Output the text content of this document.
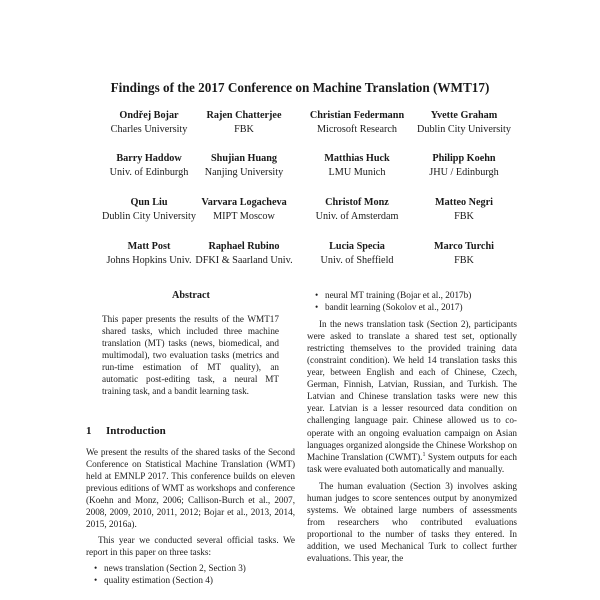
Findings of the 2017 Conference on Machine Translation (WMT17)
Ondřej Bojar
Charles University
Rajen Chatterjee
FBK
Christian Federmann
Microsoft Research
Yvette Graham
Dublin City University
Barry Haddow
Univ. of Edinburgh
Shujian Huang
Nanjing University
Matthias Huck
LMU Munich
Philipp Koehn
JHU / Edinburgh
Qun Liu
Dublin City University
Varvara Logacheva
MIPT Moscow
Christof Monz
Univ. of Amsterdam
Matteo Negri
FBK
Matt Post
Johns Hopkins Univ.
Raphael Rubino
DFKI & Saarland Univ.
Lucia Specia
Univ. of Sheffield
Marco Turchi
FBK
Abstract
This paper presents the results of the WMT17 shared tasks, which included three machine translation (MT) tasks (news, biomedical, and multimodal), two evaluation tasks (metrics and run-time estimation of MT quality), an automatic post-editing task, a neural MT training task, and a bandit learning task.
1 Introduction

We present the results of the shared tasks of the Second Conference on Statistical Machine Translation (WMT) held at EMNLP 2017. This conference builds on eleven previous editions of WMT as workshops and conference (Koehn and Monz, 2006; Callison-Burch et al., 2007, 2008, 2009, 2010, 2011, 2012; Bojar et al., 2013, 2014, 2015, 2016a).

This year we conducted several official tasks. We report in this paper on three tasks:

• news translation (Section 2, Section 3)
• quality estimation (Section 4)
• neural MT training (Bojar et al., 2017b)
• bandit learning (Sokolov et al., 2017)

In the news translation task (Section 2), participants were asked to translate a shared test set, optionally restricting themselves to the provided training data (constraint condition). We held 14 translation tasks this year, between English and each of Chinese, Czech, German, Finnish, Latvian, Russian, and Turkish. The Latvian and Chinese translation tasks were new this year. Latvian is a lesser resourced data condition on challenging language pair. Chinese allowed us to co-operate with an ongoing evaluation campaign on Asian languages organized alongside the Chinese Workshop on Machine Translation (CWMT).$^1$ System outputs for each task were evaluated both automatically and manually.

The human evaluation (Section 3) involves asking human judges to score sentences output by anonymized systems. We obtained large numbers of assessments from researchers who contributed evaluations proportional to the number of tasks they entered. In addition, we used Mechanical Turk to collect further evaluations. This year, the
